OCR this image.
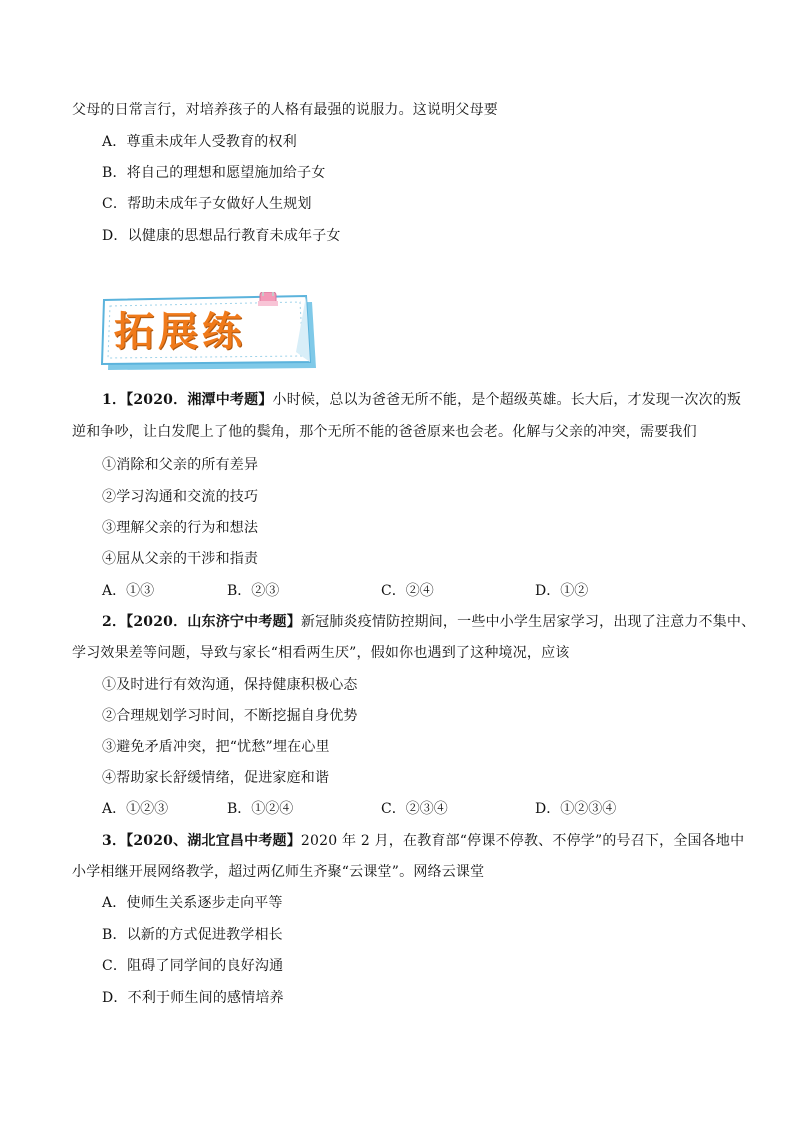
父母的日常言行，对培养孩子的人格有最强的说服力。这说明父母要
A．尊重未成年人受教育的权利
B．将自己的理想和愿望施加给子女
C．帮助未成年子女做好人生规划
D．以健康的思想品行教育未成年子女
拓展练
1．【2020．湘潭中考题】小时候，总以为爸爸无所不能，是个超级英雄。长大后，才发现一次次的叛
逆和争吵，让白发爬上了他的鬓角，那个无所不能的爸爸原来也会老。化解与父亲的冲突，需要我们
①消除和父亲的所有差异
②学习沟通和交流的技巧
③理解父亲的行为和想法
④屈从父亲的干涉和指责
A．①③	B．②③	C．②④	D．①②
2．【2020．山东济宁中考题】新冠肺炎疫情防控期间，一些中小学生居家学习，出现了注意力不集中、
学习效果差等问题，导致与家长“相看两生厌”，假如你也遇到了这种境况，应该
①及时进行有效沟通，保持健康积极心态
②合理规划学习时间，不断挖掘自身优势
③避免矛盾冲突，把“忧愁”埋在心里
④帮助家长舒缓情绪，促进家庭和谐
A．①②③	B．①②④	C．②③④	D．①②③④
3．【2020、湖北宜昌中考题】2020 年 2 月，在教育部“停课不停教、不停学”的号召下，全国各地中
小学相继开展网络教学，超过两亿师生齐聚“云课堂”。网络云课堂
A．使师生关系逐步走向平等
B．以新的方式促进教学相长
C．阻碍了同学间的良好沟通
D．不利于师生间的感情培养
